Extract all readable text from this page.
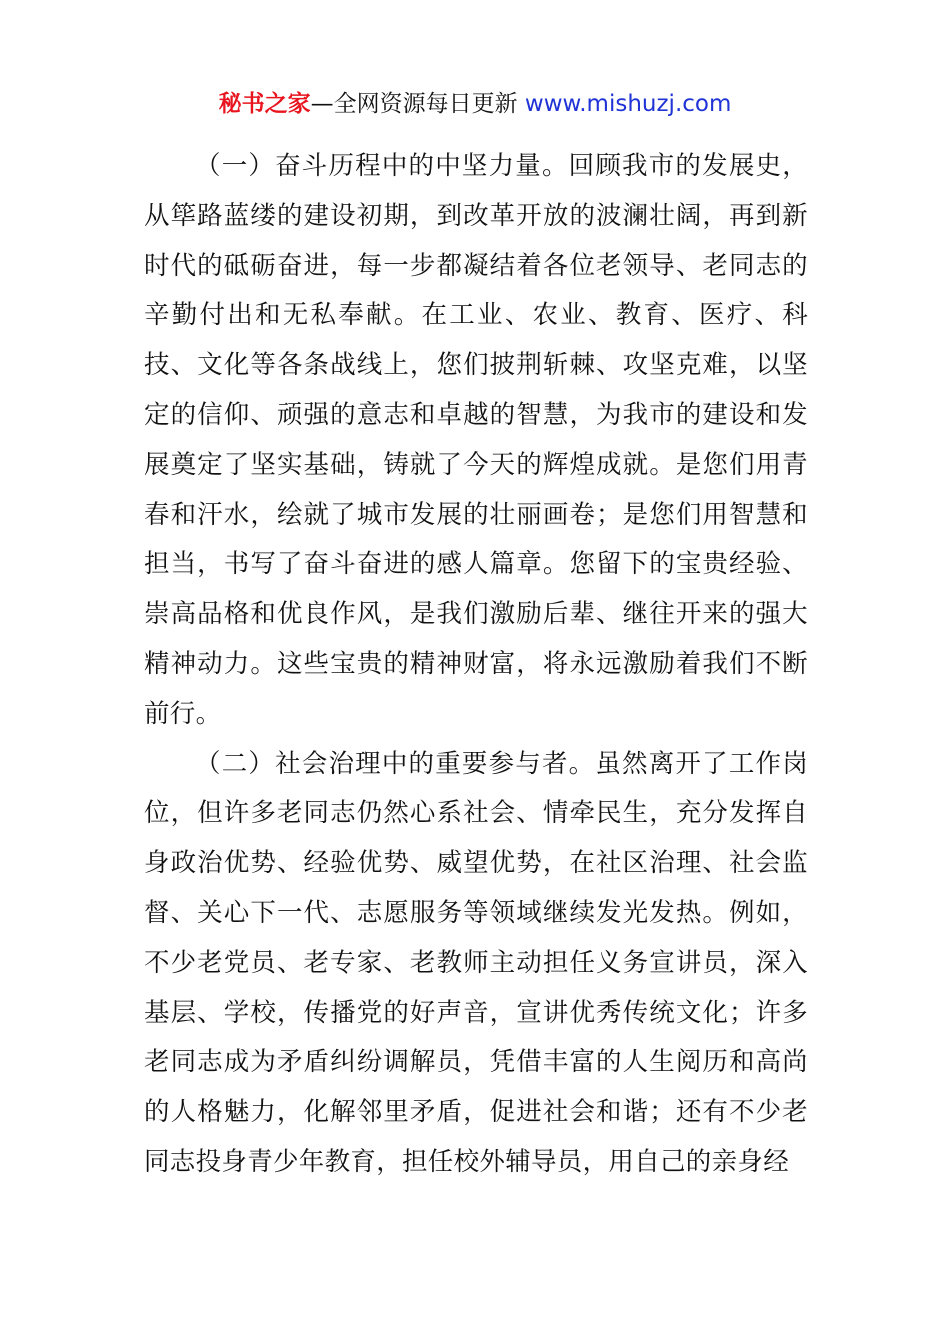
秘书之家—全网资源每日更新 www.mishuzj.com

（一）奋斗历程中的中坚力量。回顾我市的发展史，从筚路蓝缕的建设初期，到改革开放的波澜壮阔，再到新时代的砥砺奋进，每一步都凝结着各位老领导、老同志的辛勤付出和无私奉献。在工业、农业、教育、医疗、科技、文化等各条战线上，您们披荆斩棘、攻坚克难，以坚定的信仰、顽强的意志和卓越的智慧，为我市的建设和发展奠定了坚实基础，铸就了今天的辉煌成就。是您们用青春和汗水，绘就了城市发展的壮丽画卷；是您们用智慧和担当，书写了奋斗奋进的感人篇章。您留下的宝贵经验、崇高品格和优良作风，是我们激励后辈、继往开来的强大精神动力。这些宝贵的精神财富，将永远激励着我们不断前行。

（二）社会治理中的重要参与者。虽然离开了工作岗位，但许多老同志仍然心系社会、情牵民生，充分发挥自身政治优势、经验优势、威望优势，在社区治理、社会监督、关心下一代、志愿服务等领域继续发光发热。例如，不少老党员、老专家、老教师主动担任义务宣讲员，深入基层、学校，传播党的好声音，宣讲优秀传统文化；许多老同志成为矛盾纠纷调解员，凭借丰富的人生阅历和高尚的人格魅力，化解邻里矛盾，促进社会和谐；还有不少老同志投身青少年教育，担任校外辅导员，用自己的亲身经
